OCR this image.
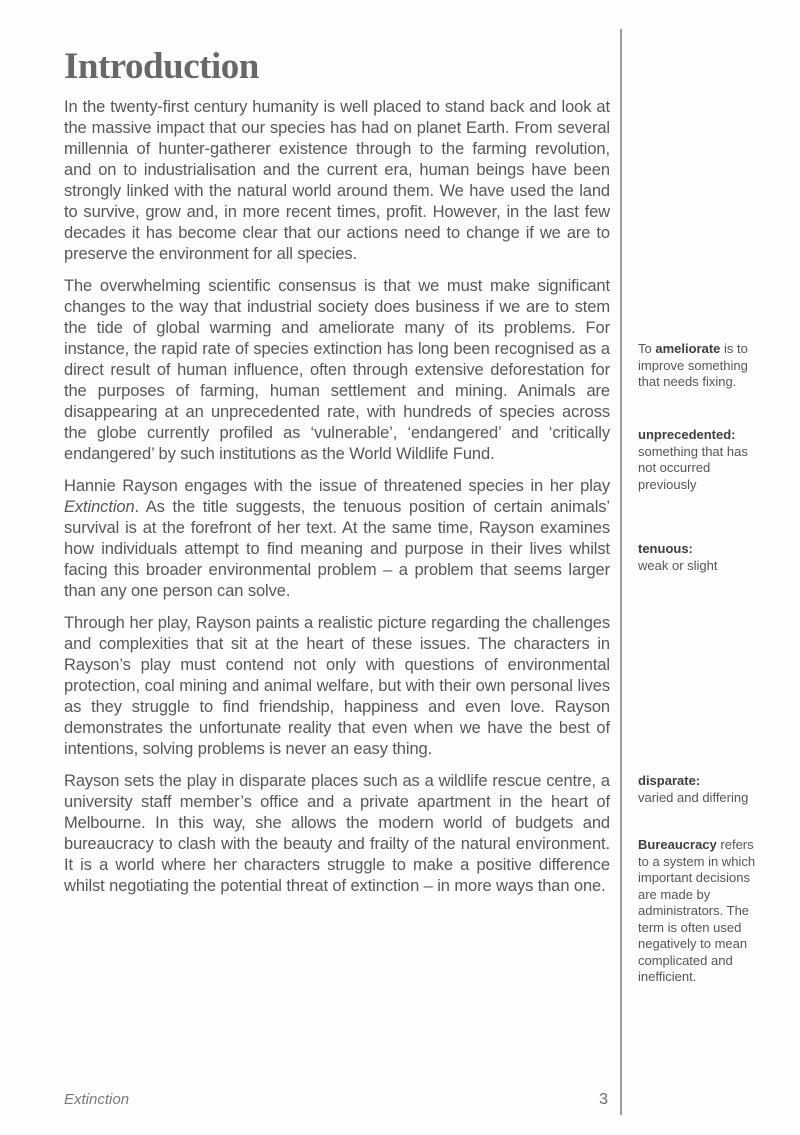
Introduction

In the twenty-first century humanity is well placed to stand back and look at the massive impact that our species has had on planet Earth. From several millennia of hunter-gatherer existence through to the farming revolution, and on to industrialisation and the current era, human beings have been strongly linked with the natural world around them. We have used the land to survive, grow and, in more recent times, profit. However, in the last few decades it has become clear that our actions need to change if we are to preserve the environment for all species.

The overwhelming scientific consensus is that we must make significant changes to the way that industrial society does business if we are to stem the tide of global warming and ameliorate many of its problems. For instance, the rapid rate of species extinction has long been recognised as a direct result of human influence, often through extensive deforestation for the purposes of farming, human settlement and mining. Animals are disappearing at an unprecedented rate, with hundreds of species across the globe currently profiled as ‘vulnerable’, ‘endangered’ and ‘critically endangered’ by such institutions as the World Wildlife Fund.

Hannie Rayson engages with the issue of threatened species in her play Extinction. As the title suggests, the tenuous position of certain animals’ survival is at the forefront of her text. At the same time, Rayson examines how individuals attempt to find meaning and purpose in their lives whilst facing this broader environmental problem – a problem that seems larger than any one person can solve.

Through her play, Rayson paints a realistic picture regarding the challenges and complexities that sit at the heart of these issues. The characters in Rayson’s play must contend not only with questions of environmental protection, coal mining and animal welfare, but with their own personal lives as they struggle to find friendship, happiness and even love. Rayson demonstrates the unfortunate reality that even when we have the best of intentions, solving problems is never an easy thing.

Rayson sets the play in disparate places such as a wildlife rescue centre, a university staff member’s office and a private apartment in the heart of Melbourne. In this way, she allows the modern world of budgets and bureaucracy to clash with the beauty and frailty of the natural environment. It is a world where her characters struggle to make a positive difference whilst negotiating the potential threat of extinction – in more ways than one.

To ameliorate is to improve something that needs fixing.
unprecedented:
something that has not occurred previously
tenuous:
weak or slight
disparate:
varied and differing
Bureaucracy refers to a system in which important decisions are made by administrators. The term is often used negatively to mean complicated and inefficient.
Extinction	3
